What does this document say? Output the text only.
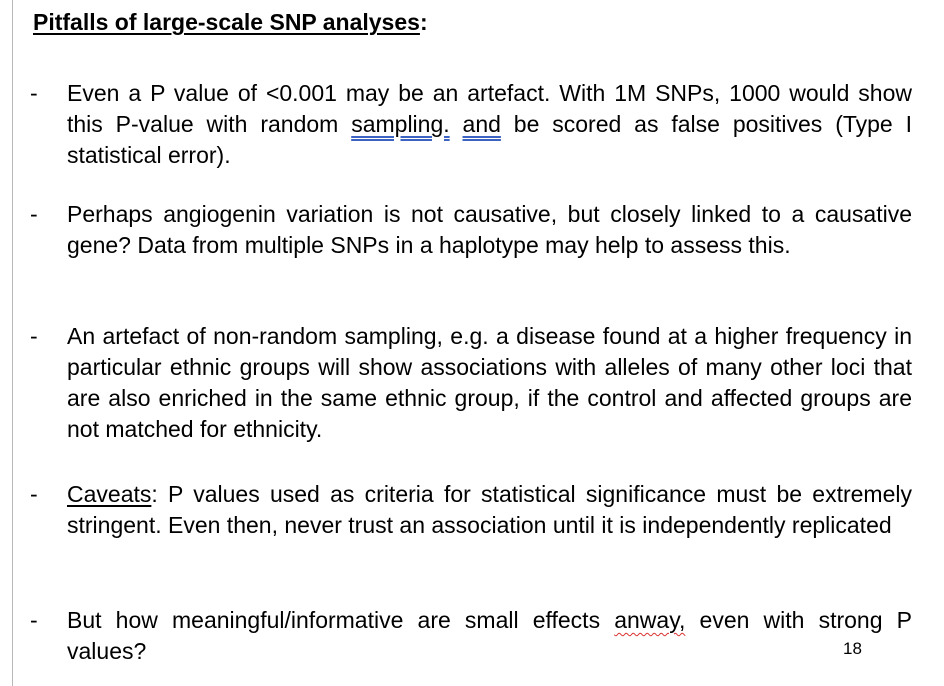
Pitfalls of large-scale SNP analyses:
- Even a P value of <0.001 may be an artefact. With 1M SNPs, 1000 would show this P-value with random sampling. and be scored as false positives (Type I statistical error).
- Perhaps angiogenin variation is not causative, but closely linked to a causative gene? Data from multiple SNPs in a haplotype may help to assess this.
- An artefact of non-random sampling, e.g. a disease found at a higher frequency in particular ethnic groups will show associations with alleles of many other loci that are also enriched in the same ethnic group, if the control and affected groups are not matched for ethnicity.
- Caveats: P values used as criteria for statistical significance must be extremely stringent. Even then, never trust an association until it is independently replicated
- But how meaningful/informative are small effects anway, even with strong P values?	18
